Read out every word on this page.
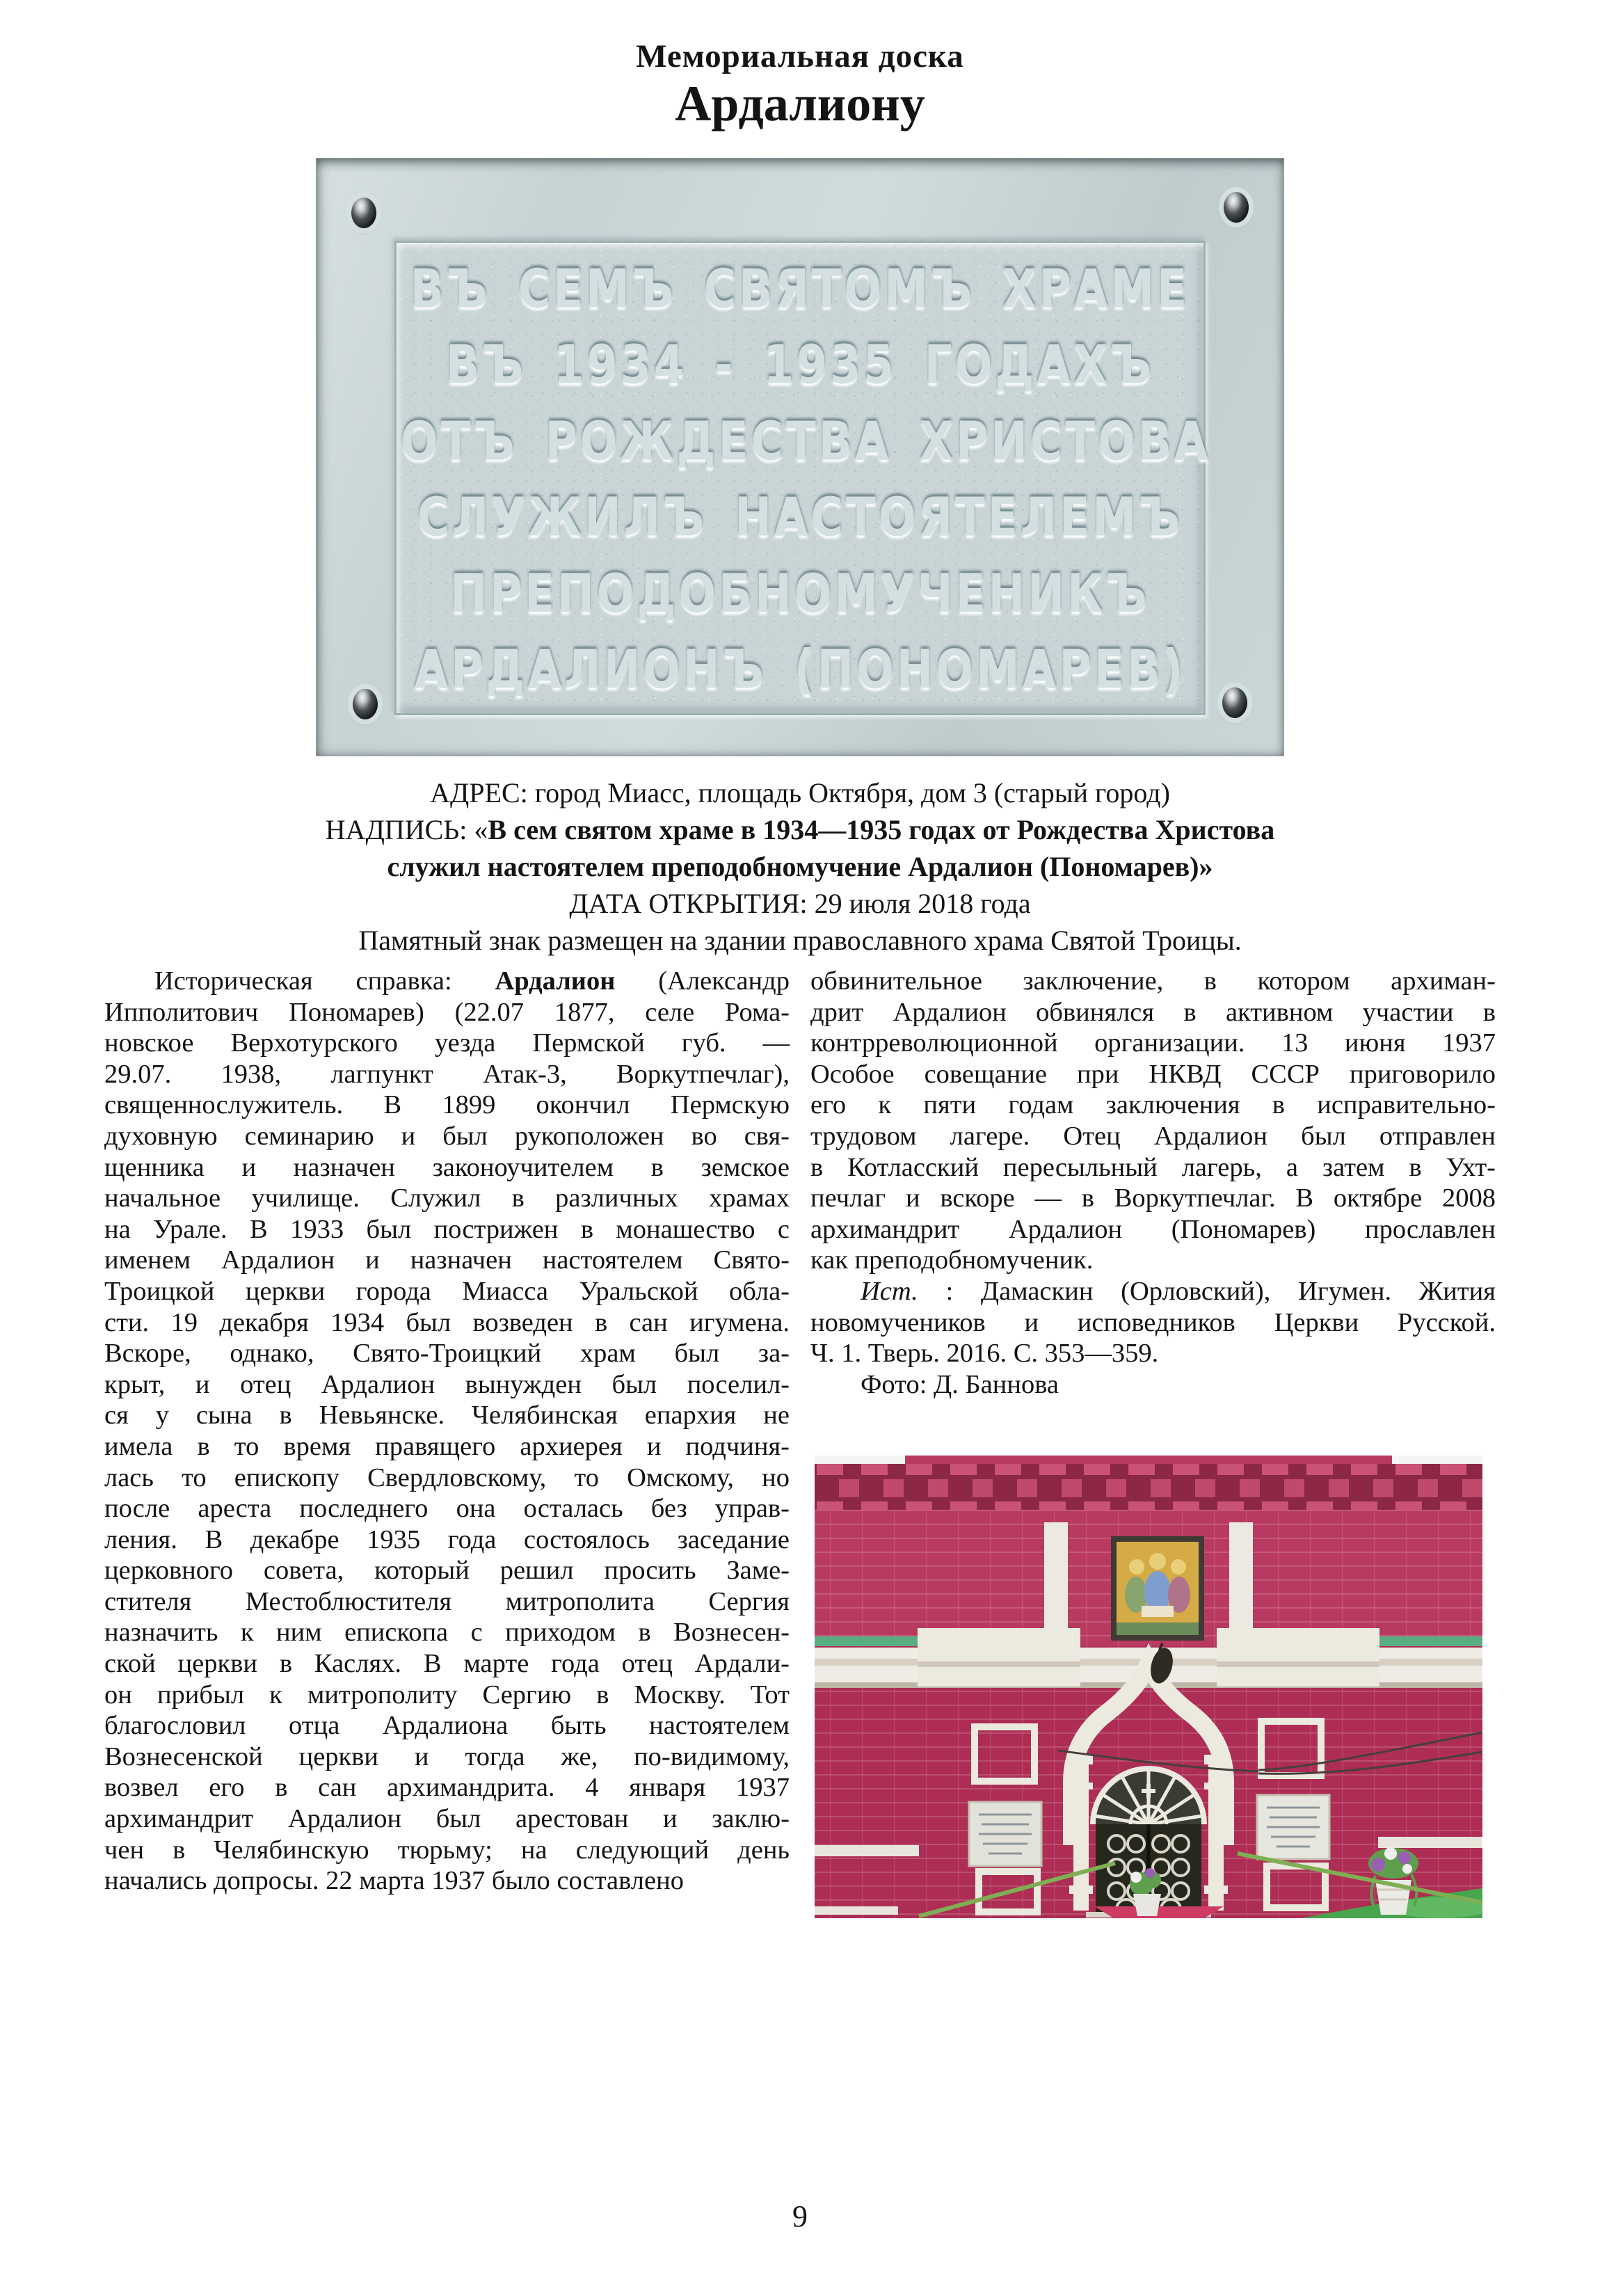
Мемориальная доска
Ардалиону
ВЪ СЕМЪ СВЯТОМЪ ХРАМЕ
ВЪ 1934 - 1935 ГОДАХЪ
ОТЪ РОЖДЕСТВА ХРИСТОВА
СЛУЖИЛЪ НАСТОЯТЕЛЕМЪ
ПРЕПОДОБНОМУЧЕНИКЪ
АРДАЛИОНЪ (ПОНОМАРЕВ)
АДРЕС: город Миасс, площадь Октября, дом 3 (старый город)
НАДПИСЬ: «В сем святом храме в 1934—1935 годах от Рождества Христова
служил настоятелем преподобномучение Ардалион (Пономарев)»
ДАТА ОТКРЫТИЯ: 29 июля 2018 года
Памятный знак размещен на здании православного храма Святой Троицы.
Историческая справка: Ардалион (Александр
Ипполитович Пономарев) (22.07 1877, селе Рома-
новское Верхотурского уезда Пермской губ. —
29.07. 1938, лагпункт Атак-3, Воркутпечлаг),
священнослужитель. В 1899 окончил Пермскую
духовную семинарию и был рукоположен во свя-
щенника и назначен законоучителем в земское
начальное училище. Служил в различных храмах
на Урале. В 1933 был пострижен в монашество с
именем Ардалион и назначен настоятелем Свято-
Троицкой церкви города Миасса Уральской обла-
сти. 19 декабря 1934 был возведен в сан игумена.
Вскоре, однако, Свято-Троицкий храм был за-
крыт, и отец Ардалион вынужден был поселил-
ся у сына в Невьянске. Челябинская епархия не
имела в то время правящего архиерея и подчиня-
лась то епископу Свердловскому, то Омскому, но
после ареста последнего она осталась без управ-
ления. В декабре 1935 года состоялось заседание
церковного совета, который решил просить Заме-
стителя Местоблюстителя митрополита Сергия
назначить к ним епископа с приходом в Вознесен-
ской церкви в Каслях. В марте года отец Ардали-
он прибыл к митрополиту Сергию в Москву. Тот
благословил отца Ардалиона быть настоятелем
Вознесенской церкви и тогда же, по-видимому,
возвел его в сан архимандрита. 4 января 1937
архимандрит Ардалион был арестован и заклю-
чен в Челябинскую тюрьму; на следующий день
начались допросы. 22 марта 1937 было составлено
обвинительное заключение, в котором архиман-
дрит Ардалион обвинялся в активном участии в
контрреволюционной организации. 13 июня 1937
Особое совещание при НКВД СССР приговорило
его к пяти годам заключения в исправительно-
трудовом лагере. Отец Ардалион был отправлен
в Котласский пересыльный лагерь, а затем в Ухт-
печлаг и вскоре — в Воркутпечлаг. В октябре 2008
архимандрит Ардалион (Пономарев) прославлен
как преподобномученик.
Ист. : Дамаскин (Орловский), Игумен. Жития
новомучеников и исповедников Церкви Русской.
Ч. 1. Тверь. 2016. С. 353—359.
Фото: Д. Баннова
9
